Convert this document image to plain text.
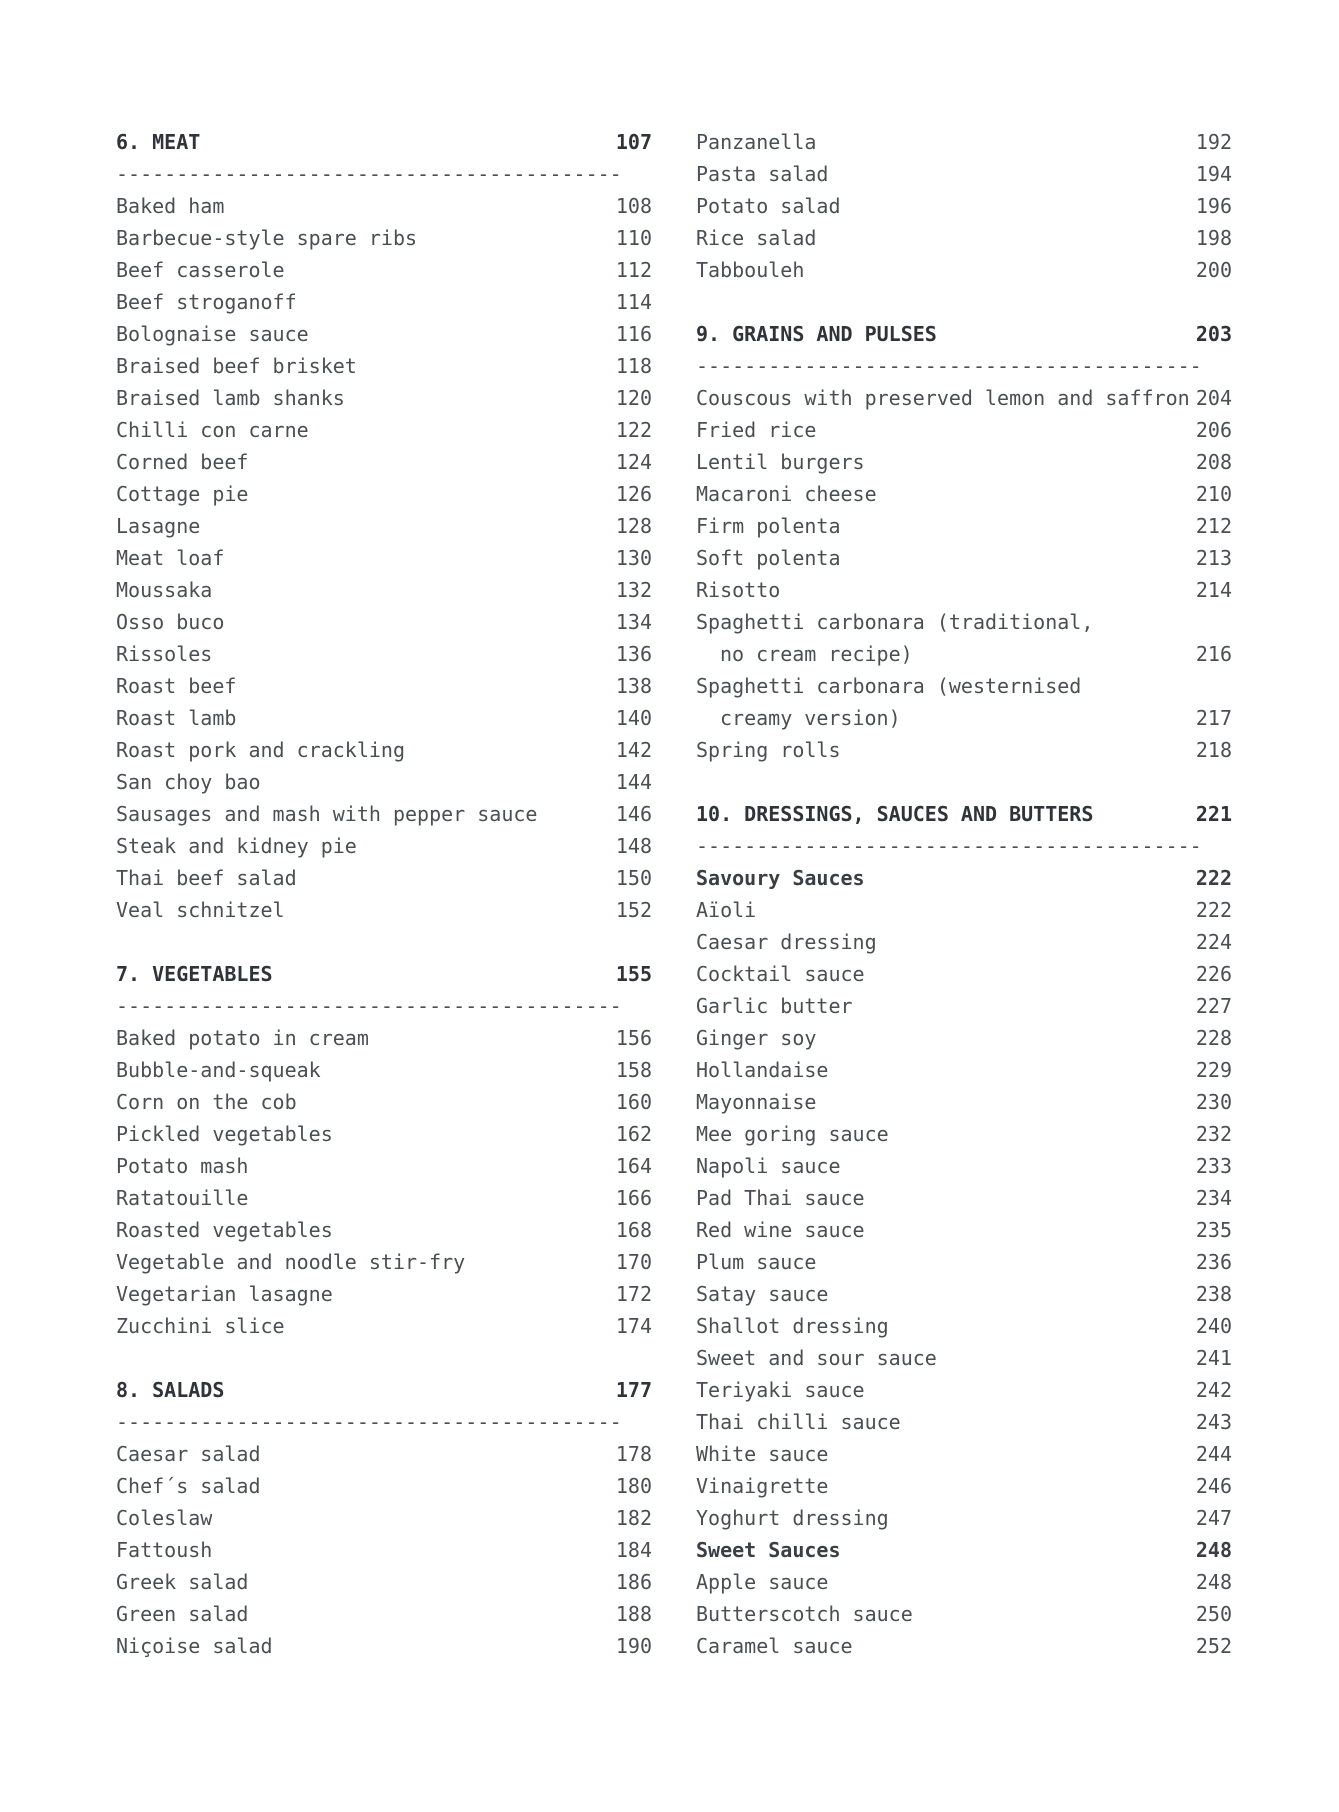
6. MEAT	107
------------------------------------------
Baked ham	108
Barbecue-style spare ribs	110
Beef casserole	112
Beef stroganoff	114
Bolognaise sauce	116
Braised beef brisket	118
Braised lamb shanks	120
Chilli con carne	122
Corned beef	124
Cottage pie	126
Lasagne	128
Meat loaf	130
Moussaka	132
Osso buco	134
Rissoles	136
Roast beef	138
Roast lamb	140
Roast pork and crackling	142
San choy bao	144
Sausages and mash with pepper sauce	146
Steak and kidney pie	148
Thai beef salad	150
Veal schnitzel	152
7. VEGETABLES	155
------------------------------------------
Baked potato in cream	156
Bubble-and-squeak	158
Corn on the cob	160
Pickled vegetables	162
Potato mash	164
Ratatouille	166
Roasted vegetables	168
Vegetable and noodle stir-fry	170
Vegetarian lasagne	172
Zucchini slice	174
8. SALADS	177
------------------------------------------
Caesar salad	178
Chef´s salad	180
Coleslaw	182
Fattoush	184
Greek salad	186
Green salad	188
Niçoise salad	190
Panzanella	192
Pasta salad	194
Potato salad	196
Rice salad	198
Tabbouleh	200
9. GRAINS AND PULSES	203
------------------------------------------
Couscous with preserved lemon and saffron 204
Fried rice	206
Lentil burgers	208
Macaroni cheese	210
Firm polenta	212
Soft polenta	213
Risotto	214
Spaghetti carbonara (traditional,
no cream recipe)	216
Spaghetti carbonara (westernised
creamy version)	217
Spring rolls	218
10. DRESSINGS, SAUCES AND BUTTERS	221
------------------------------------------
Savoury Sauces	222
Aïoli	222
Caesar dressing	224
Cocktail sauce	226
Garlic butter	227
Ginger soy	228
Hollandaise	229
Mayonnaise	230
Mee goring sauce	232
Napoli sauce	233
Pad Thai sauce	234
Red wine sauce	235
Plum sauce	236
Satay sauce	238
Shallot dressing	240
Sweet and sour sauce	241
Teriyaki sauce	242
Thai chilli sauce	243
White sauce	244
Vinaigrette	246
Yoghurt dressing	247
Sweet Sauces	248
Apple sauce	248
Butterscotch sauce	250
Caramel sauce	252
